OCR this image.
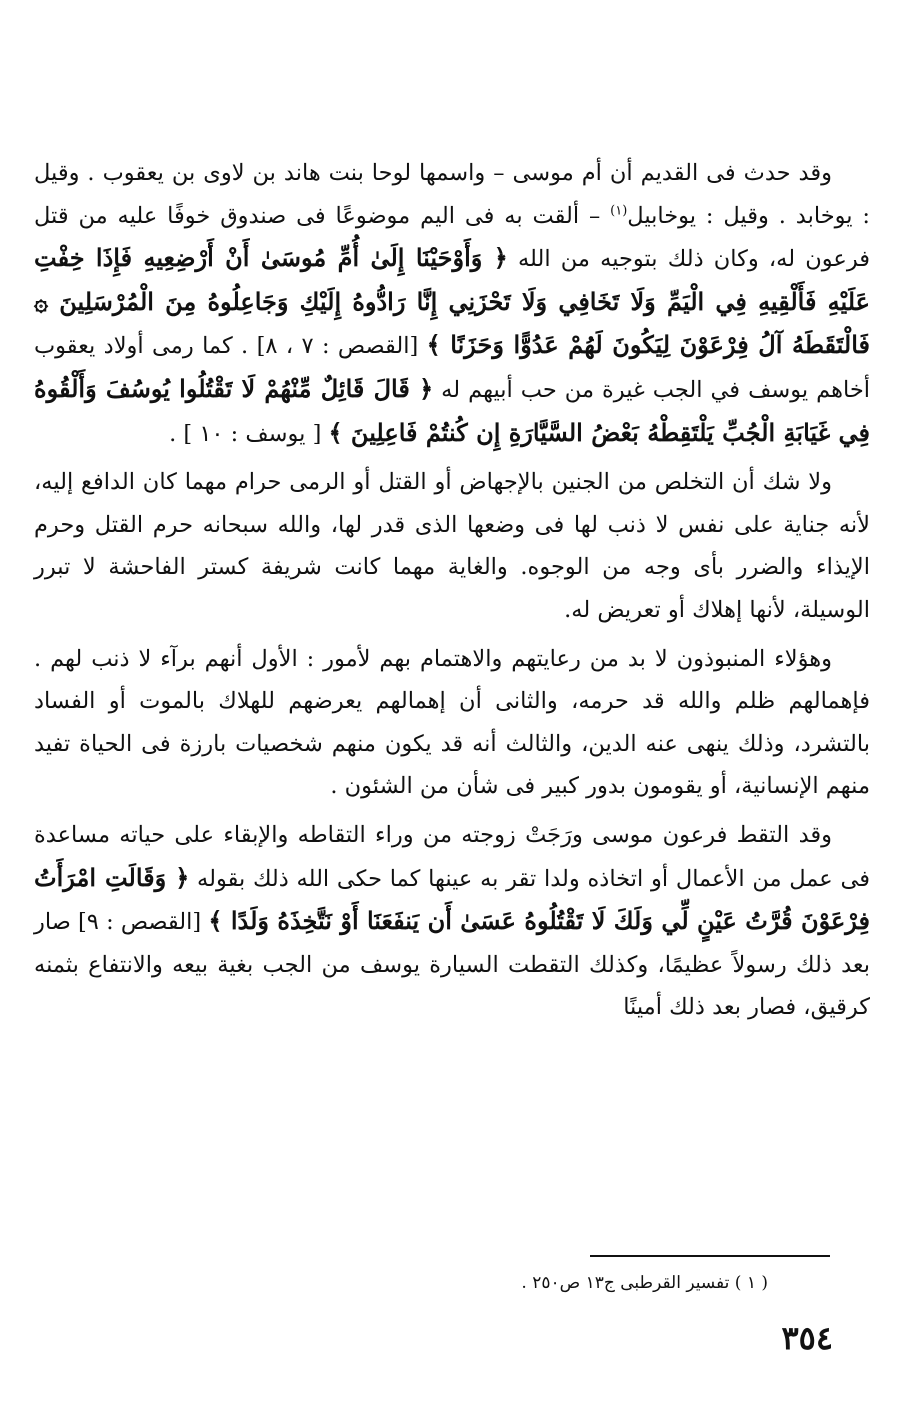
وقد حدث فى القديم أن أم موسى – واسمها لوحا بنت هاند بن لاوى بن يعقوب . وقيل : يوخابد . وقيل : يوخابيل$^{(١)}$ – ألقت به فى اليم موضوعًا فى صندوق خوفًا عليه من قتل فرعون له، وكان ذلك بتوجيه من الله ﴿ وَأَوْحَيْنَا إِلَىٰ أُمِّ مُوسَىٰ أَنْ أَرْضِعِيهِ فَإِذَا خِفْتِ عَلَيْهِ فَأَلْقِيهِ فِي الْيَمِّ وَلَا تَخَافِي وَلَا تَحْزَنِي إِنَّا رَادُّوهُ إِلَيْكِ وَجَاعِلُوهُ مِنَ الْمُرْسَلِينَ ۞ فَالْتَقَطَهُ آلُ فِرْعَوْنَ لِيَكُونَ لَهُمْ عَدُوًّا وَحَزَنًا ﴾ [القصص : ٧ ، ٨] . كما رمى أولاد يعقوب أخاهم يوسف في الجب غيرة من حب أبيهم له ﴿ قَالَ قَائِلٌ مِّنْهُمْ لَا تَقْتُلُوا يُوسُفَ وَأَلْقُوهُ فِي غَيَابَةِ الْجُبِّ يَلْتَقِطْهُ بَعْضُ السَّيَّارَةِ إِن كُنتُمْ فَاعِلِينَ ﴾ [ يوسف : ١٠ ] .

ولا شك أن التخلص من الجنين بالإجهاض أو القتل أو الرمى حرام مهما كان الدافع إليه، لأنه جناية على نفس لا ذنب لها فى وضعها الذى قدر لها، والله سبحانه حرم القتل وحرم الإيذاء والضرر بأى وجه من الوجوه. والغاية مهما كانت شريفة كستر الفاحشة لا تبرر الوسيلة، لأنها إهلاك أو تعريض له.

وهؤلاء المنبوذون لا بد من رعايتهم والاهتمام بهم لأمور : الأول أنهم برآء لا ذنب لهم . فإهمالهم ظلم والله قد حرمه، والثانى أن إهمالهم يعرضهم للهلاك بالموت أو الفساد بالتشرد، وذلك ينهى عنه الدين، والثالث أنه قد يكون منهم شخصيات بارزة فى الحياة تفيد منهم الإنسانية، أو يقومون بدور كبير فى شأن من الشئون .

وقد التقط فرعون موسى ورَجَتْ زوجته من وراء التقاطه والإبقاء على حياته مساعدة فى عمل من الأعمال أو اتخاذه ولدا تقر به عينها كما حكى الله ذلك بقوله ﴿ وَقَالَتِ امْرَأَتُ فِرْعَوْنَ قُرَّتُ عَيْنٍ لِّي وَلَكَ لَا تَقْتُلُوهُ عَسَىٰ أَن يَنفَعَنَا أَوْ نَتَّخِذَهُ وَلَدًا ﴾ [القصص : ٩] صار بعد ذلك رسولاً عظيمًا، وكذلك التقطت السيارة يوسف من الجب بغية بيعه والانتفاع بثمنه كرقيق، فصار بعد ذلك أمينًا

( ١ ) تفسير القرطبى ج١٣ ص٢٥٠ .
٣٥٤
